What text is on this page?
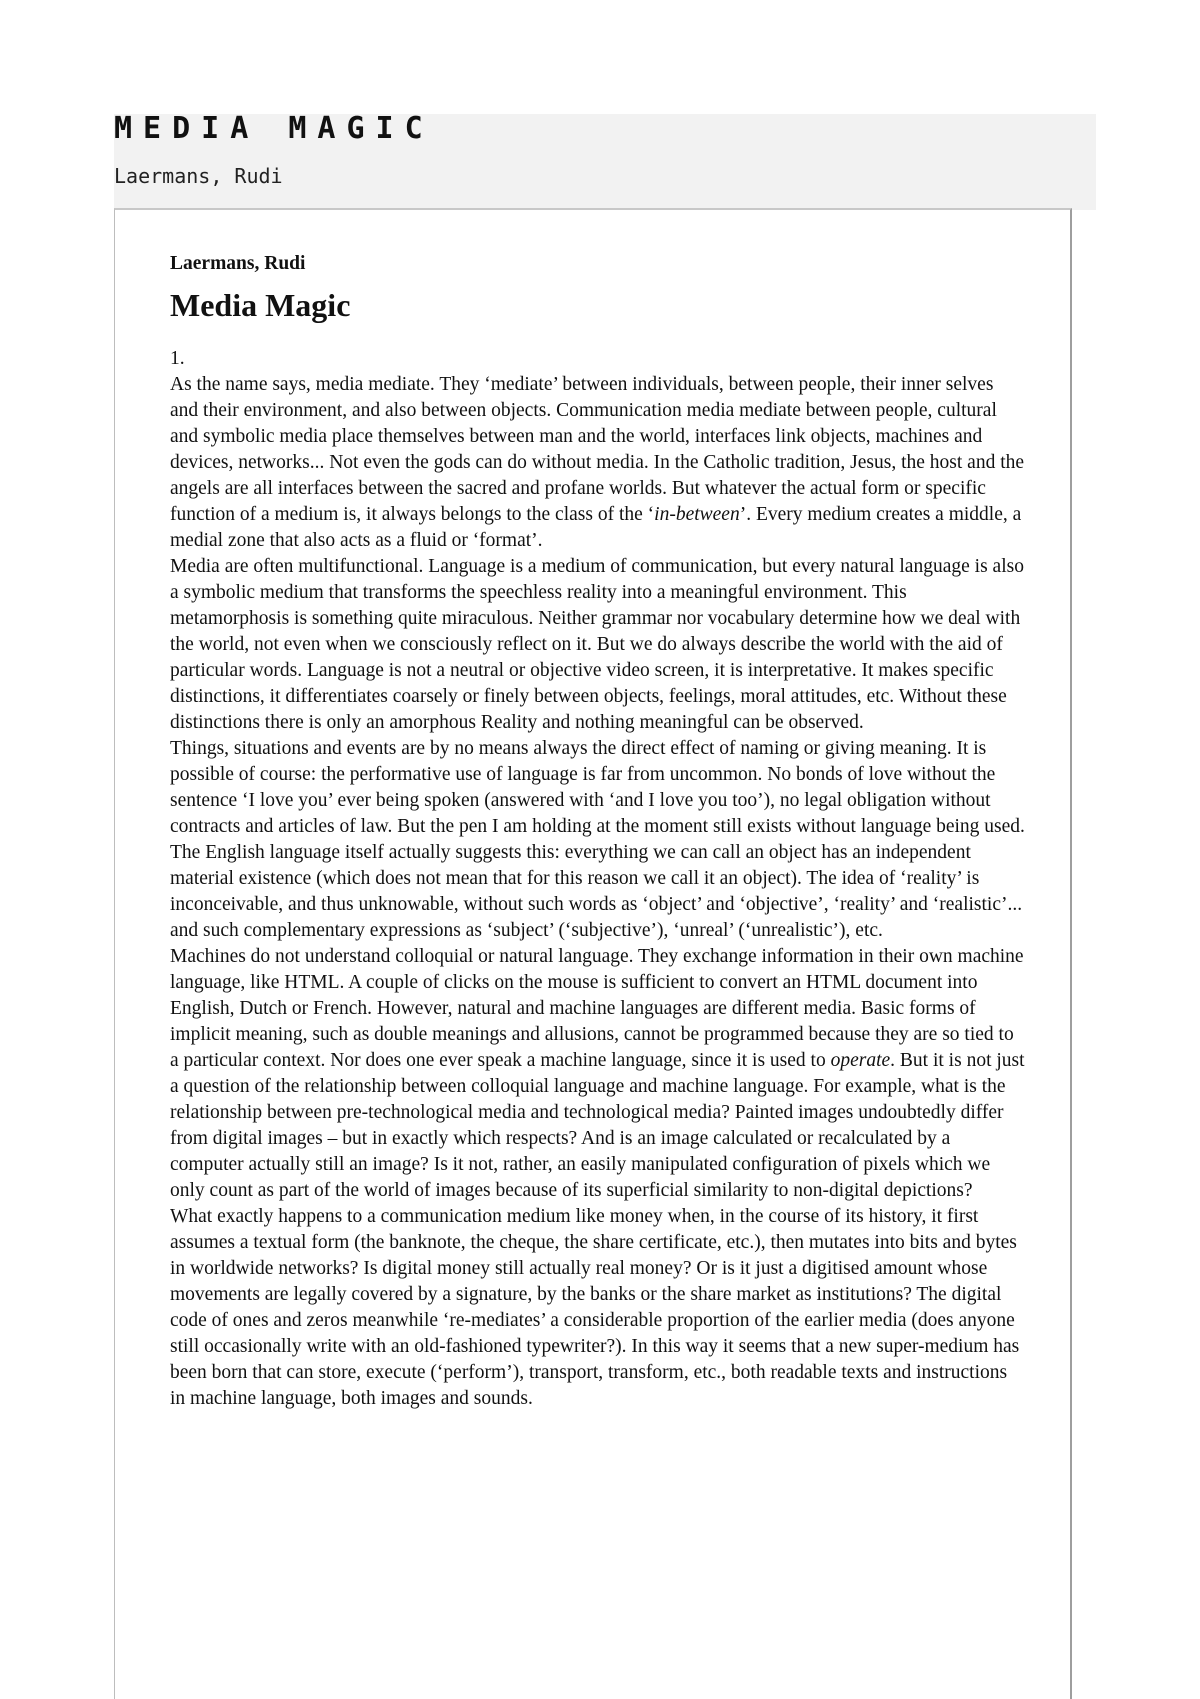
MEDIA MAGIC
Laermans, Rudi
Laermans, Rudi
Media Magic

1.

As the name says, media mediate. They ‘mediate’ between individuals, between people, their inner selves and their environment, and also between objects. Communication media mediate between people, cultural and symbolic media place themselves between man and the world, interfaces link objects, machines and devices, networks... Not even the gods can do without media. In the Catholic tradition, Jesus, the host and the angels are all interfaces between the sacred and profane worlds. But whatever the actual form or specific function of a medium is, it always belongs to the class of the ‘in-between’. Every medium creates a middle, a medial zone that also acts as a fluid or ‘format’.

Media are often multifunctional. Language is a medium of communication, but every natural language is also a symbolic medium that transforms the speechless reality into a meaningful environment. This metamorphosis is something quite miraculous. Neither grammar nor vocabulary determine how we deal with the world, not even when we consciously reflect on it. But we do always describe the world with the aid of particular words. Language is not a neutral or objective video screen, it is interpretative. It makes specific distinctions, it differentiates coarsely or finely between objects, feelings, moral attitudes, etc. Without these distinctions there is only an amorphous Reality and nothing meaningful can be observed.

Things, situations and events are by no means always the direct effect of naming or giving meaning. It is possible of course: the performative use of language is far from uncommon. No bonds of love without the sentence ‘I love you’ ever being spoken (answered with ‘and I love you too’), no legal obligation without contracts and articles of law. But the pen I am holding at the moment still exists without language being used. The English language itself actually suggests this: everything we can call an object has an independent material existence (which does not mean that for this reason we call it an object). The idea of ‘reality’ is inconceivable, and thus unknowable, without such words as ‘object’ and ‘objective’, ‘reality’ and ‘realistic’... and such complementary expressions as ‘subject’ (‘subjective’), ‘unreal’ (‘unrealistic’), etc.

Machines do not understand colloquial or natural language. They exchange information in their own machine language, like HTML. A couple of clicks on the mouse is sufficient to convert an HTML document into English, Dutch or French. However, natural and machine languages are different media. Basic forms of implicit meaning, such as double meanings and allusions, cannot be programmed because they are so tied to a particular context. Nor does one ever speak a machine language, since it is used to operate. But it is not just a question of the relationship between colloquial language and machine language. For example, what is the relationship between pre-technological media and technological media? Painted images undoubtedly differ from digital images – but in exactly which respects? And is an image calculated or recalculated by a computer actually still an image? Is it not, rather, an easily manipulated configuration of pixels which we only count as part of the world of images because of its superficial similarity to non-digital depictions?

What exactly happens to a communication medium like money when, in the course of its history, it first assumes a textual form (the banknote, the cheque, the share certificate, etc.), then mutates into bits and bytes in worldwide networks? Is digital money still actually real money? Or is it just a digitised amount whose movements are legally covered by a signature, by the banks or the share market as institutions? The digital code of ones and zeros meanwhile ‘re-mediates’ a considerable proportion of the earlier media (does anyone still occasionally write with an old-fashioned typewriter?). In this way it seems that a new super-medium has been born that can store, execute (‘perform’), transport, transform, etc., both readable texts and instructions in machine language, both images and sounds.
